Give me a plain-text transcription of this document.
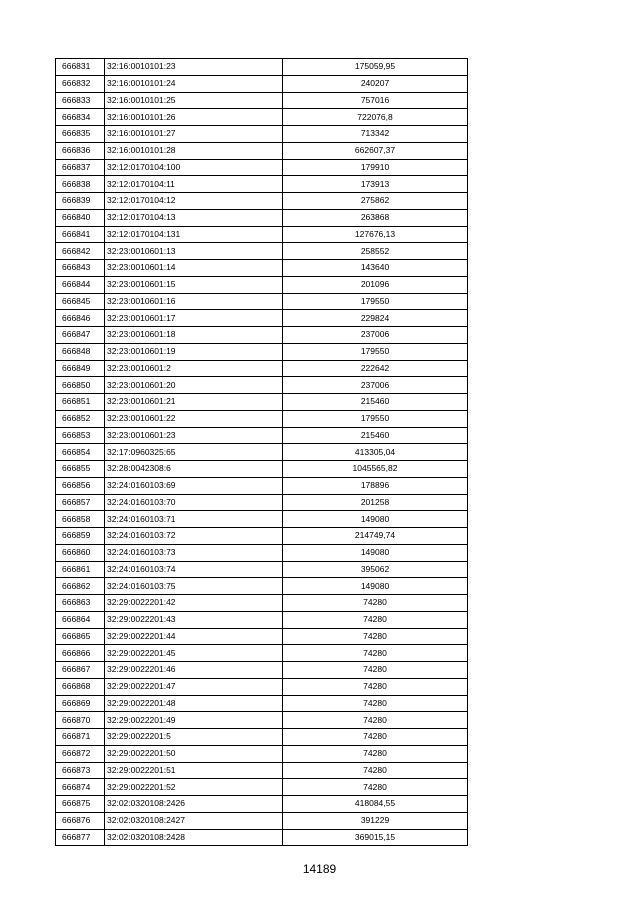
666831	32:16:0010101:23	175059,95
666832	32:16:0010101:24	240207
666833	32:16:0010101:25	757016
666834	32:16:0010101:26	722076,8
666835	32:16:0010101:27	713342
666836	32:16:0010101:28	662607,37
666837	32:12:0170104:100	179910
666838	32:12:0170104:11	173913
666839	32:12:0170104:12	275862
666840	32:12:0170104:13	263868
666841	32:12:0170104:131	127676,13
666842	32:23:0010601:13	258552
666843	32:23:0010601:14	143640
666844	32:23:0010601:15	201096
666845	32:23:0010601:16	179550
666846	32:23:0010601:17	229824
666847	32:23:0010601:18	237006
666848	32:23:0010601:19	179550
666849	32:23:0010601:2	222642
666850	32:23:0010601:20	237006
666851	32:23:0010601:21	215460
666852	32:23:0010601:22	179550
666853	32:23:0010601:23	215460
666854	32:17:0960325:65	413305,04
666855	32:28:0042308:6	1045565,82
666856	32:24:0160103:69	178896
666857	32:24:0160103:70	201258
666858	32:24:0160103:71	149080
666859	32:24:0160103:72	214749,74
666860	32:24:0160103:73	149080
666861	32:24:0160103:74	395062
666862	32:24:0160103:75	149080
666863	32:29:0022201:42	74280
666864	32:29:0022201:43	74280
666865	32:29:0022201:44	74280
666866	32:29:0022201:45	74280
666867	32:29:0022201:46	74280
666868	32:29:0022201:47	74280
666869	32:29:0022201:48	74280
666870	32:29:0022201:49	74280
666871	32:29:0022201:5	74280
666872	32:29:0022201:50	74280
666873	32:29:0022201:51	74280
666874	32:29:0022201:52	74280
666875	32:02:0320108:2426	418084,55
666876	32:02:0320108:2427	391229
666877	32:02:0320108:2428	369015,15
14189
